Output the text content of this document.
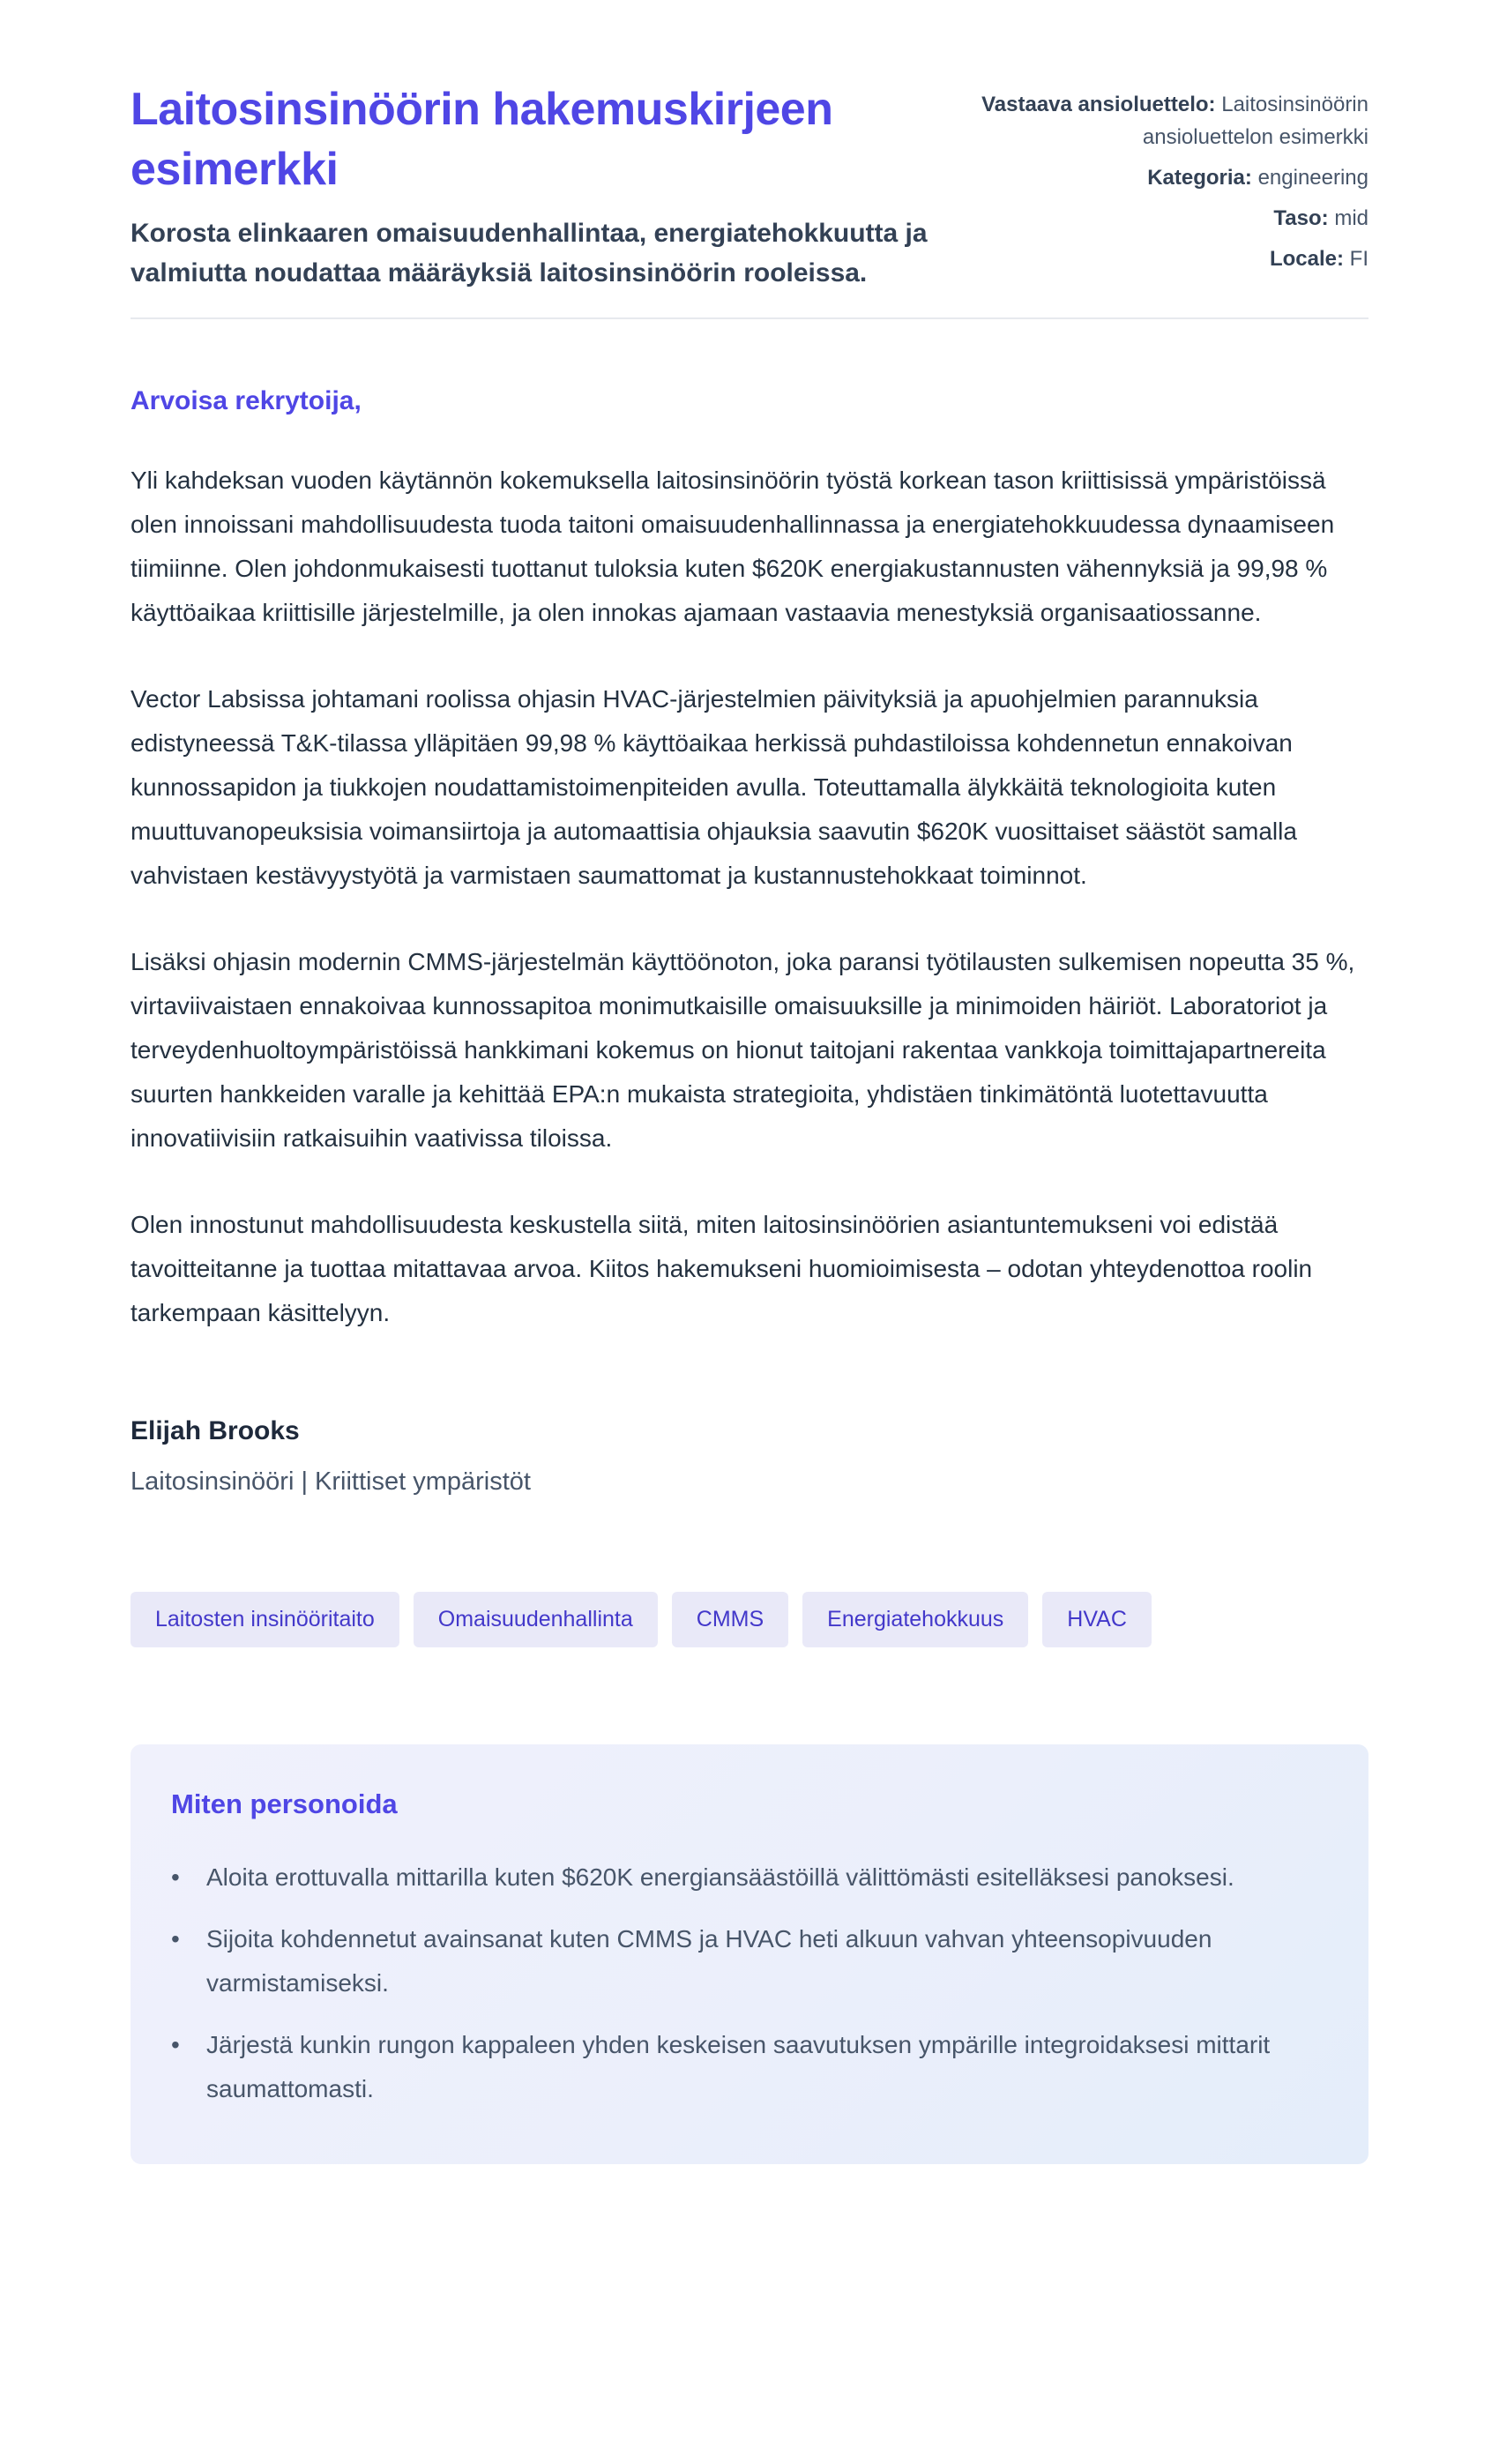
Laitosinsinöörin hakemuskirjeen esimerkki
Korosta elinkaaren omaisuudenhallintaa, energiatehokkuutta ja valmiutta noudattaa määräyksiä laitosinsinöörin rooleissa.
Vastaava ansioluettelo: Laitosinsinöörin ansioluettelon esimerkki
Kategoria: engineering
Taso: mid
Locale: FI
Arvoisa rekrytoija,

Yli kahdeksan vuoden käytännön kokemuksella laitosinsinöörin työstä korkean tason kriittisissä ympäristöissä olen innoissani mahdollisuudesta tuoda taitoni omaisuudenhallinnassa ja energiatehokkuudessa dynaamiseen tiimiinne. Olen johdonmukaisesti tuottanut tuloksia kuten $620K energiakustannusten vähennyksiä ja 99,98 % käyttöaikaa kriittisille järjestelmille, ja olen innokas ajamaan vastaavia menestyksiä organisaatiossanne.

Vector Labsissa johtamani roolissa ohjasin HVAC-järjestelmien päivityksiä ja apuohjelmien parannuksia edistyneessä T&K-tilassa ylläpitäen 99,98 % käyttöaikaa herkissä puhdastiloissa kohdennetun ennakoivan kunnossapidon ja tiukkojen noudattamistoimenpiteiden avulla. Toteuttamalla älykkäitä teknologioita kuten muuttuvanopeuksisia voimansiirtoja ja automaattisia ohjauksia saavutin $620K vuosittaiset säästöt samalla vahvistaen kestävyystyötä ja varmistaen saumattomat ja kustannustehokkaat toiminnot.

Lisäksi ohjasin modernin CMMS-järjestelmän käyttöönoton, joka paransi työtilausten sulkemisen nopeutta 35 %, virtaviivaistaen ennakoivaa kunnossapitoa monimutkaisille omaisuuksille ja minimoiden häiriöt. Laboratoriot ja terveydenhuoltoympäristöissä hankkimani kokemus on hionut taitojani rakentaa vankkoja toimittajapartnereita suurten hankkeiden varalle ja kehittää EPA:n mukaista strategioita, yhdistäen tinkimätöntä luotettavuutta innovatiivisiin ratkaisuihin vaativissa tiloissa.

Olen innostunut mahdollisuudesta keskustella siitä, miten laitosinsinöörien asiantuntemukseni voi edistää tavoitteitanne ja tuottaa mitattavaa arvoa. Kiitos hakemukseni huomioimisesta – odotan yhteydenottoa roolin tarkempaan käsittelyyn.

Elijah Brooks
Laitosinsinööri | Kriittiset ympäristöt
Laitosten insinööritaito	Omaisuudenhallinta	CMMS	Energiatehokkuus	HVAC
Miten personoida
•	Aloita erottuvalla mittarilla kuten $620K energiansäästöillä välittömästi esitelläksesi panoksesi.
•	Sijoita kohdennetut avainsanat kuten CMMS ja HVAC heti alkuun vahvan yhteensopivuuden varmistamiseksi.
•	Järjestä kunkin rungon kappaleen yhden keskeisen saavutuksen ympärille integroidaksesi mittarit saumattomasti.
